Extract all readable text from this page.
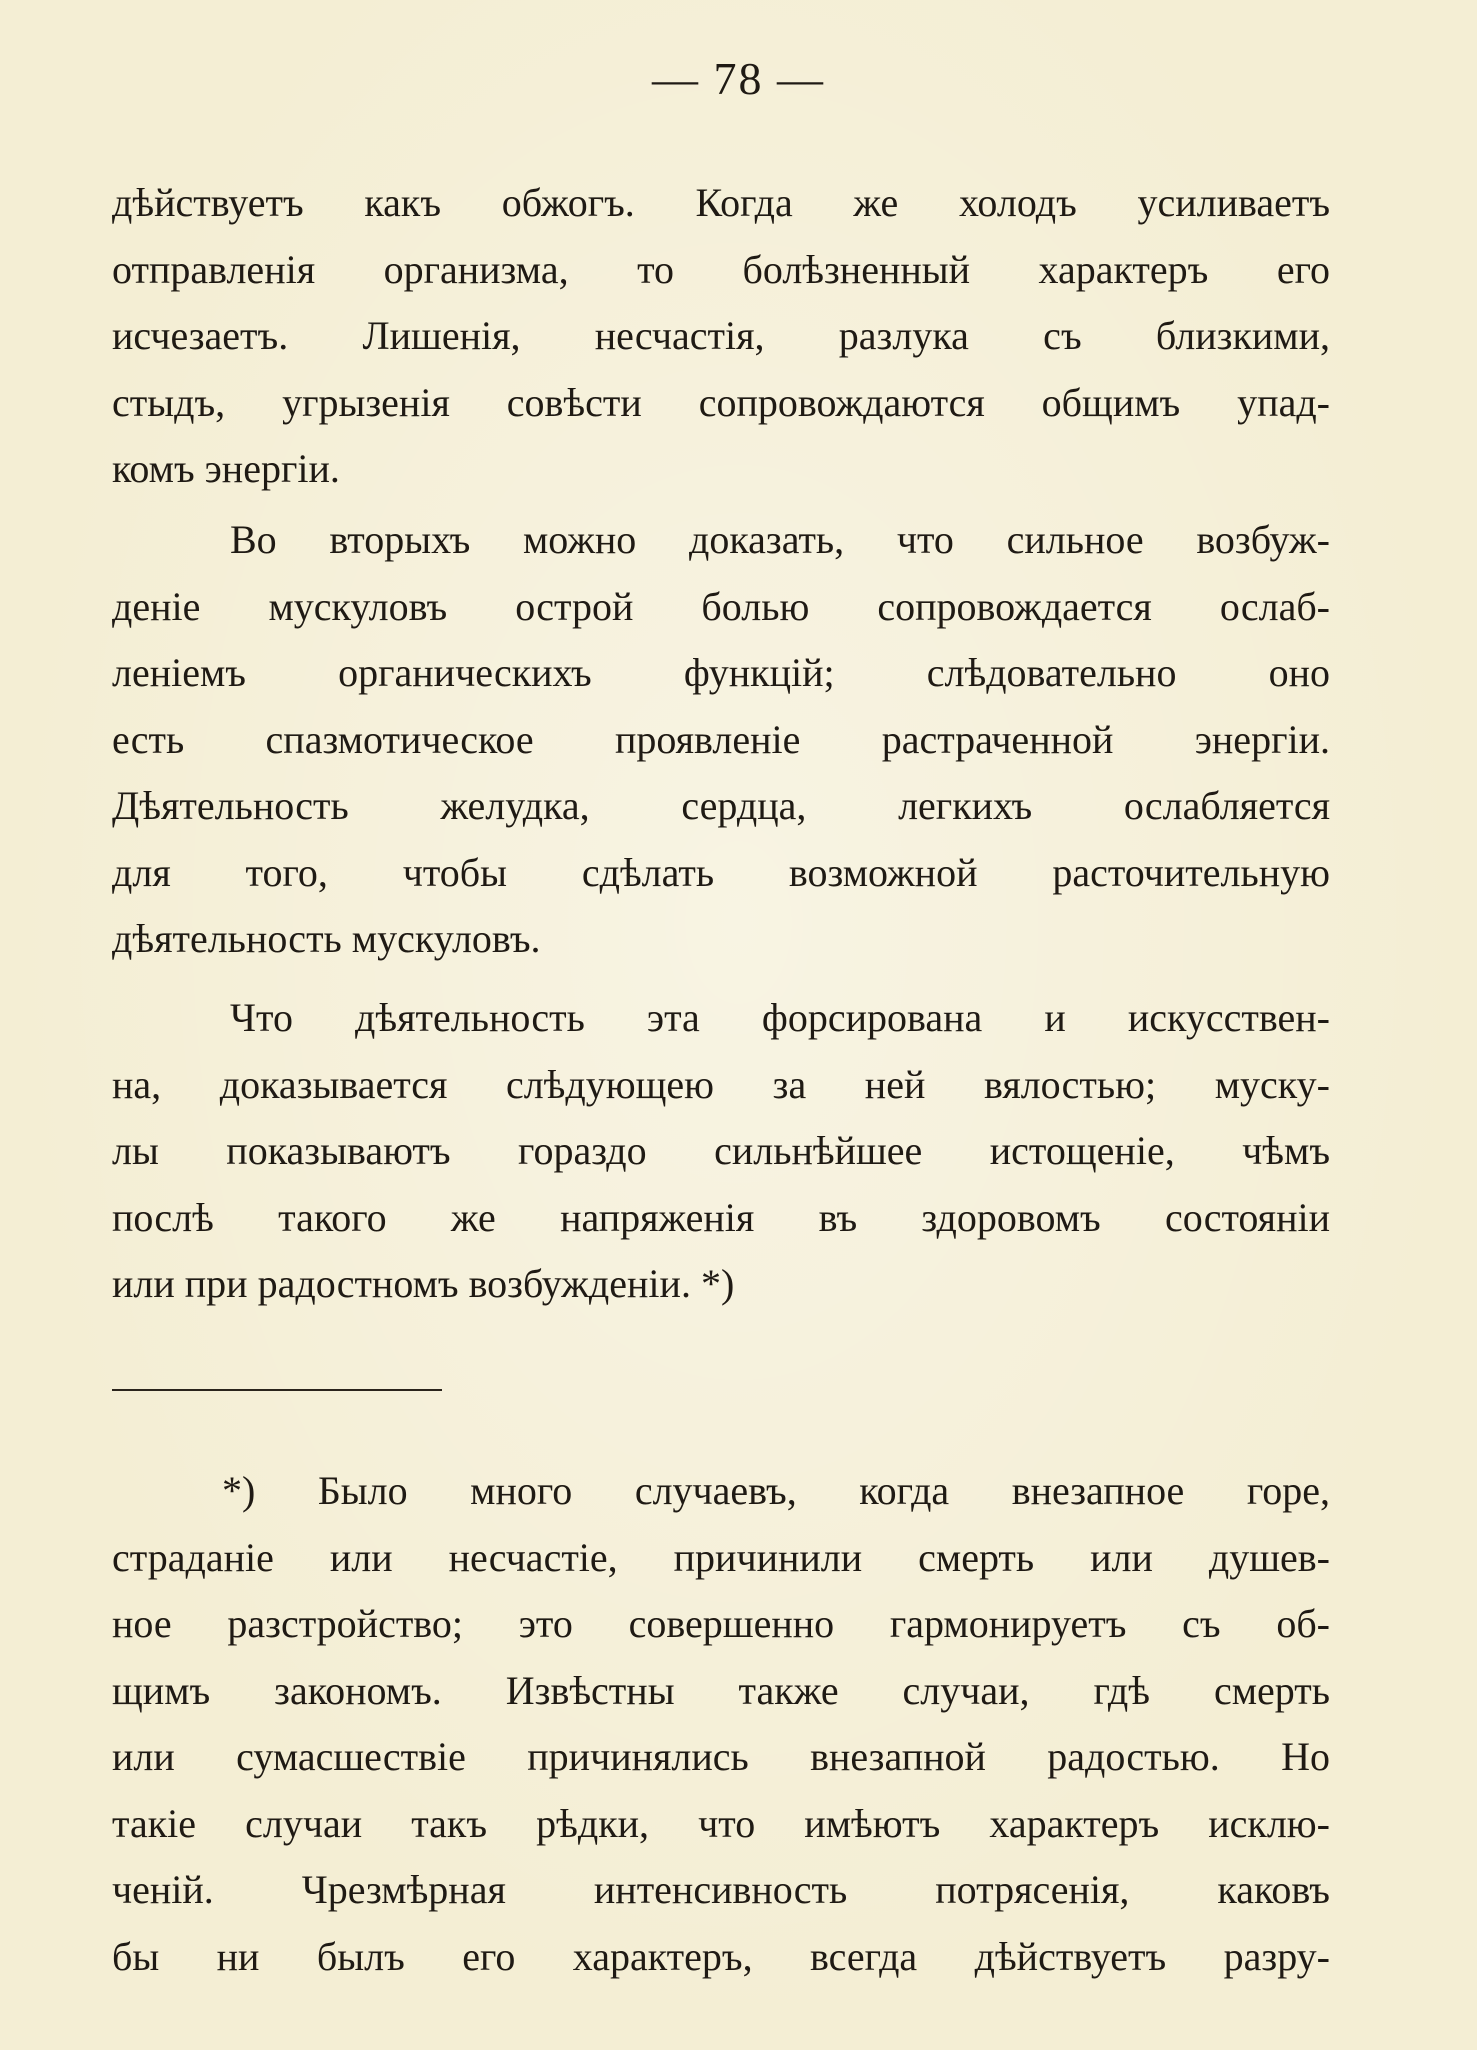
— 78 —
дѣйствуетъ какъ обжогъ. Когда же холодъ усиливаетъ
отправленія организма, то болѣзненный характеръ его
исчезаетъ. Лишенія, несчастія, разлука съ близкими,
стыдъ, угрызенія совѣсти сопровождаются общимъ упад-
комъ энергіи.
Во вторыхъ можно доказать, что сильное возбуж-
деніе мускуловъ острой болью сопровождается ослаб-
леніемъ органическихъ функцій; слѣдовательно оно
есть спазмотическое проявленіе растраченной энергіи.
Дѣятельность желудка, сердца, легкихъ ослабляется
для того, чтобы сдѣлать возможной расточительную
дѣятельность мускуловъ.
Что дѣятельность эта форсирована и искусствен-
на, доказывается слѣдующею за ней вялостью; муску-
лы показываютъ гораздо сильнѣйшее истощеніе, чѣмъ
послѣ такого же напряженія въ здоровомъ состояніи
или при радостномъ возбужденіи. *)
*) Было много случаевъ, когда внезапное горе,
страданіе или несчастіе, причинили смерть или душев-
ное разстройство; это совершенно гармонируетъ съ об-
щимъ закономъ. Извѣстны также случаи, гдѣ смерть
или сумасшествіе причинялись внезапной радостью. Но
такіе случаи такъ рѣдки, что имѣютъ характеръ исклю-
ченій. Чрезмѣрная интенсивность потрясенія, каковъ
бы ни былъ его характеръ, всегда дѣйствуетъ разру-
